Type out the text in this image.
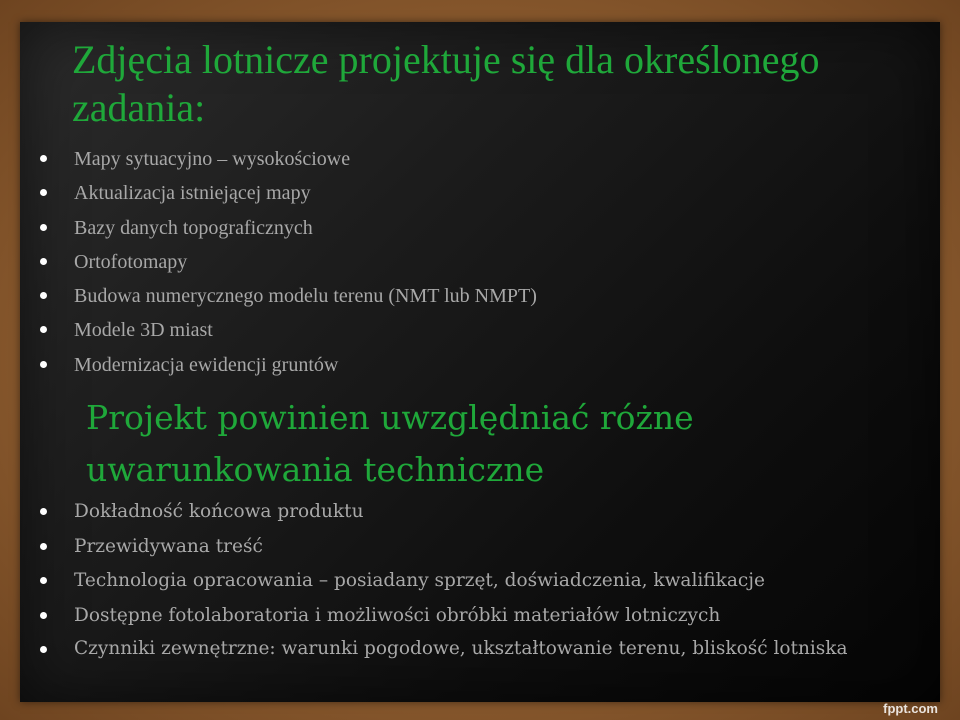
Zdjęcia lotnicze projektuje się dla określonego zadania:
Mapy sytuacyjno – wysokościowe
Aktualizacja istniejącej mapy
Bazy danych topograficznych
Ortofotomapy
Budowa numerycznego modelu terenu (NMT lub NMPT)
Modele 3D miast
Modernizacja ewidencji gruntów
Projekt powinien uwzględniać różne uwarunkowania techniczne
Dokładność końcowa produktu
Przewidywana treść
Technologia opracowania – posiadany sprzęt, doświadczenia, kwalifikacje
Dostępne fotolaboratoria i możliwości obróbki materiałów lotniczych
Czynniki zewnętrzne: warunki pogodowe, ukształtowanie terenu, bliskość lotniska
fppt.com
